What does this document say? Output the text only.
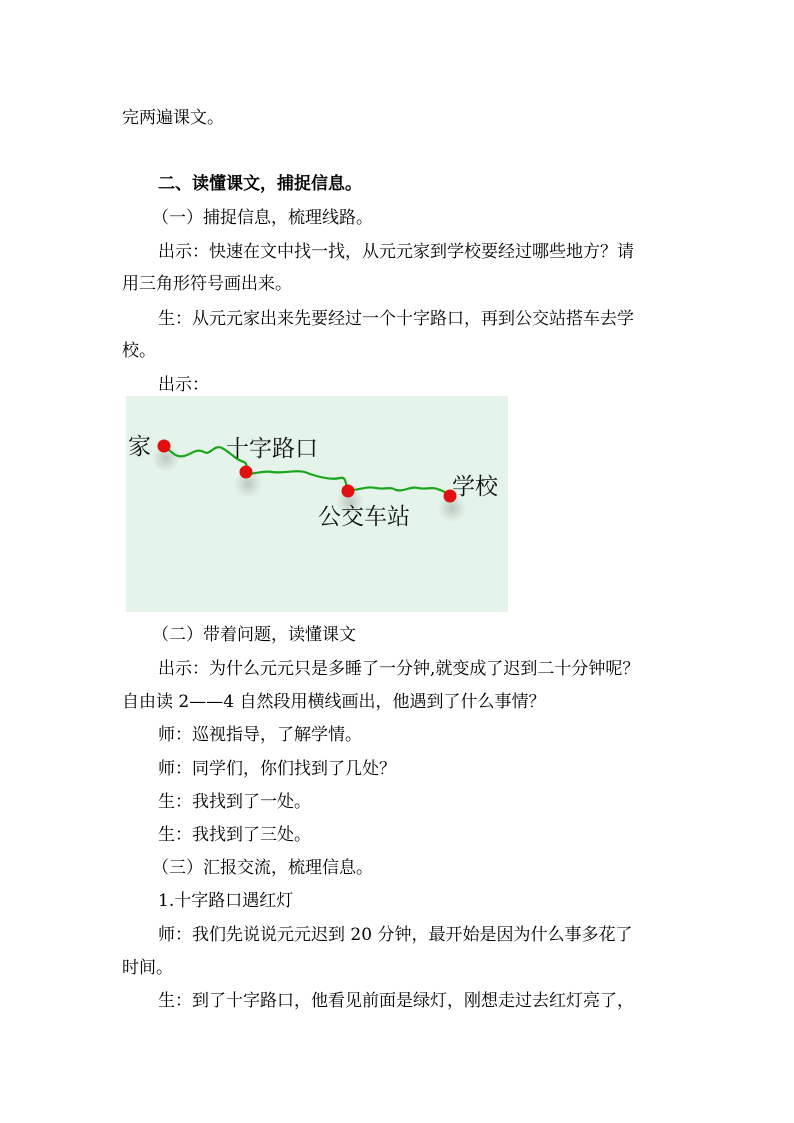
完两遍课文。
二、读懂课文，捕捉信息。
（一）捕捉信息，梳理线路。
出示：快速在文中找一找，从元元家到学校要经过哪些地方？请
用三角形符号画出来。
生：从元元家出来先要经过一个十字路口，再到公交站搭车去学
校。
出示：
家	十字路口
公交车站
学校
（二）带着问题，读懂课文
出示：为什么元元只是多睡了一分钟,就变成了迟到二十分钟呢？
自由读 2——4 自然段用横线画出，他遇到了什么事情？
师：巡视指导，了解学情。
师：同学们，你们找到了几处？
生：我找到了一处。
生：我找到了三处。
（三）汇报交流，梳理信息。
1.十字路口遇红灯
师：我们先说说元元迟到 20 分钟，最开始是因为什么事多花了
时间。
生：到了十字路口，他看见前面是绿灯，刚想走过去红灯亮了，
